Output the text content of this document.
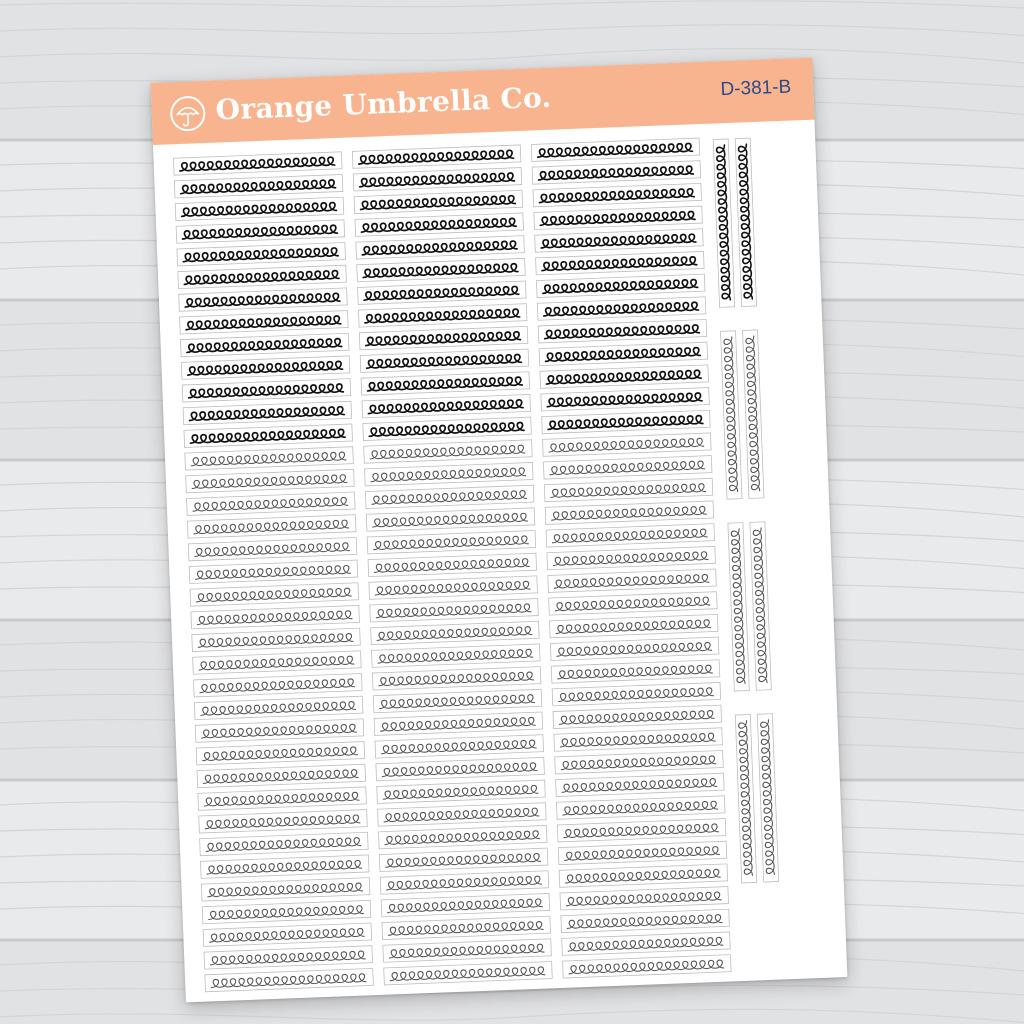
Orange Umbrella Co.	D-381-B
